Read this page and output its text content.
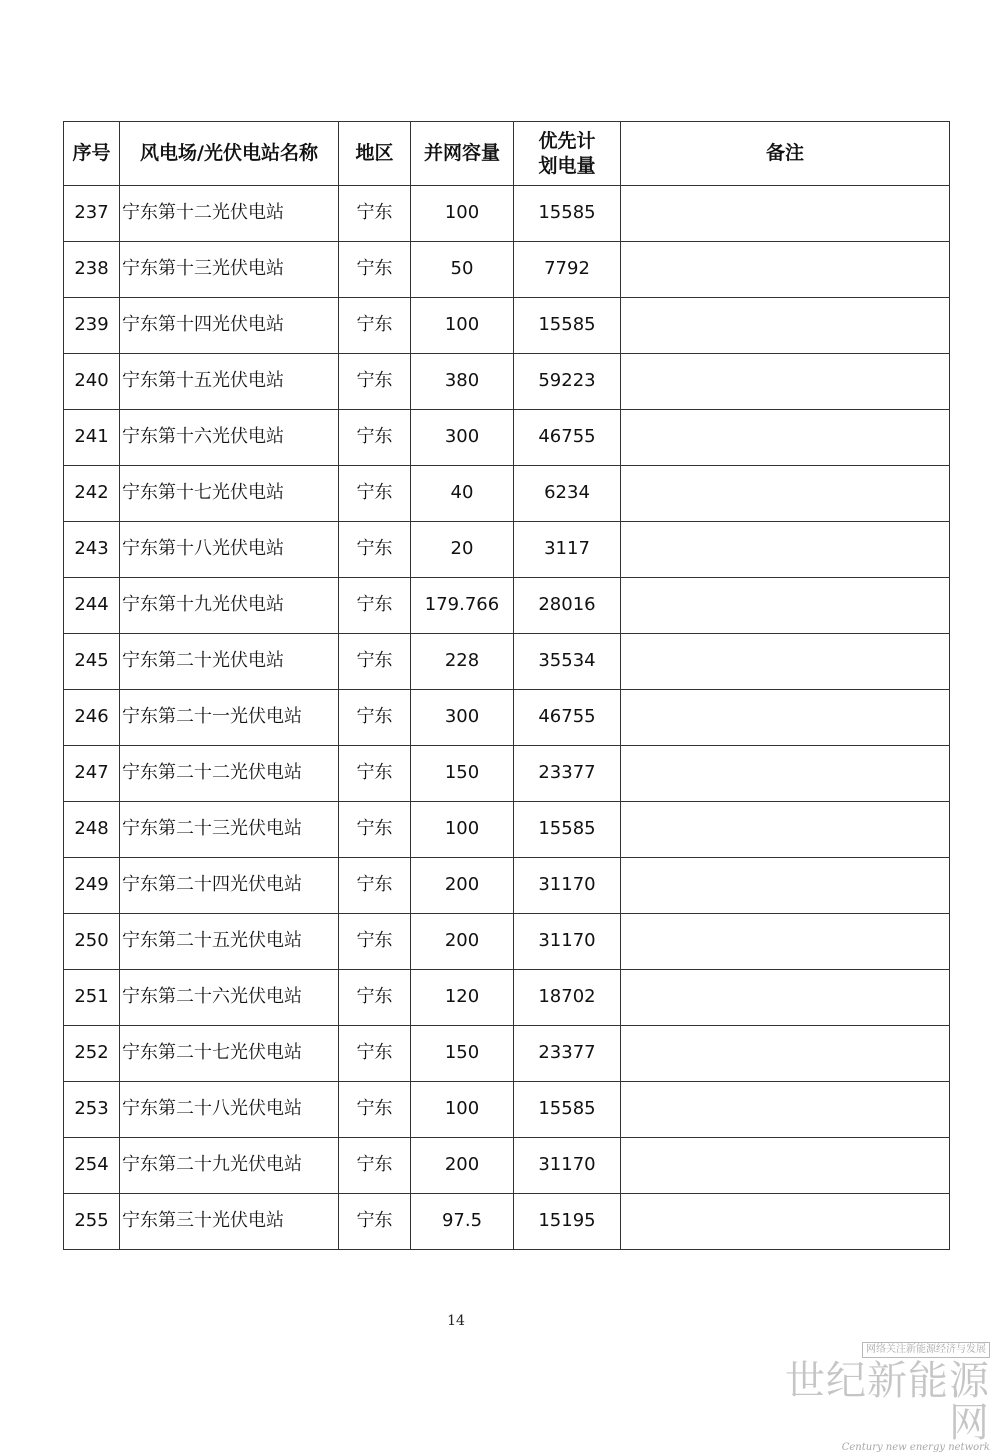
序号	风电场/光伏电站名称	地区	并网容量	优先计划电量	备注
237	宁东第十二光伏电站	宁东	100	15585	
238	宁东第十三光伏电站	宁东	50	7792	
239	宁东第十四光伏电站	宁东	100	15585	
240	宁东第十五光伏电站	宁东	380	59223	
241	宁东第十六光伏电站	宁东	300	46755	
242	宁东第十七光伏电站	宁东	40	6234	
243	宁东第十八光伏电站	宁东	20	3117	
244	宁东第十九光伏电站	宁东	179.766	28016	
245	宁东第二十光伏电站	宁东	228	35534	
246	宁东第二十一光伏电站	宁东	300	46755	
247	宁东第二十二光伏电站	宁东	150	23377	
248	宁东第二十三光伏电站	宁东	100	15585	
249	宁东第二十四光伏电站	宁东	200	31170	
250	宁东第二十五光伏电站	宁东	200	31170	
251	宁东第二十六光伏电站	宁东	120	18702	
252	宁东第二十七光伏电站	宁东	150	23377	
253	宁东第二十八光伏电站	宁东	100	15585	
254	宁东第二十九光伏电站	宁东	200	31170	
255	宁东第三十光伏电站	宁东	97.5	15195	
14
网络关注新能源经济与发展
世纪新能源网
Century new energy network
